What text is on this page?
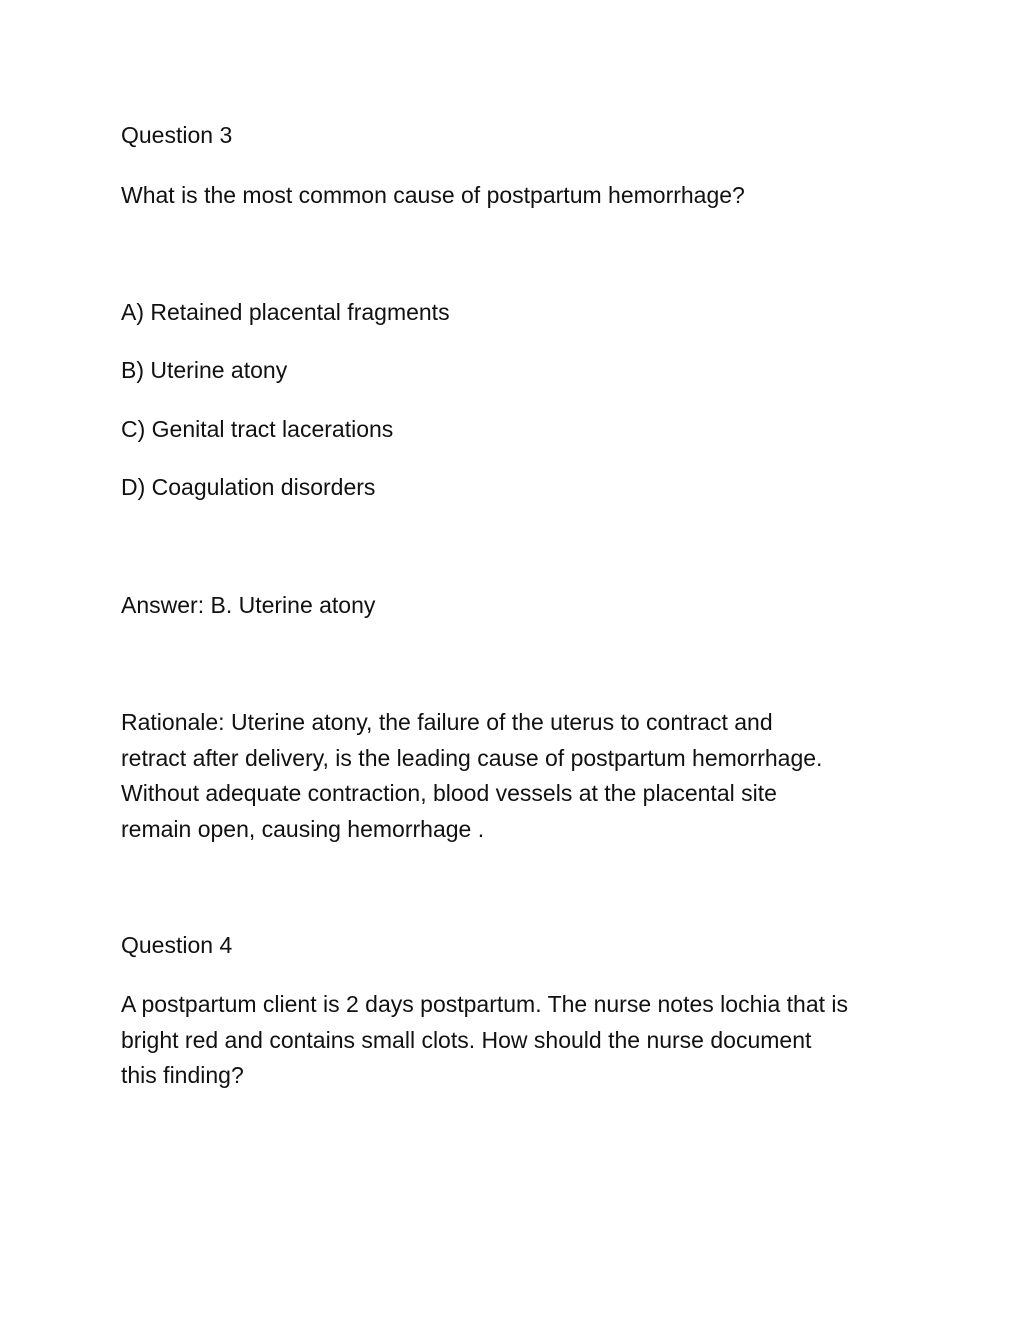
Question 3

What is the most common cause of postpartum hemorrhage?

A) Retained placental fragments

B) Uterine atony

C) Genital tract lacerations

D) Coagulation disorders

Answer: B. Uterine atony

Rationale: Uterine atony, the failure of the uterus to contract and
retract after delivery, is the leading cause of postpartum hemorrhage.
Without adequate contraction, blood vessels at the placental site
remain open, causing hemorrhage .

Question 4

A postpartum client is 2 days postpartum. The nurse notes lochia that is
bright red and contains small clots. How should the nurse document
this finding?
